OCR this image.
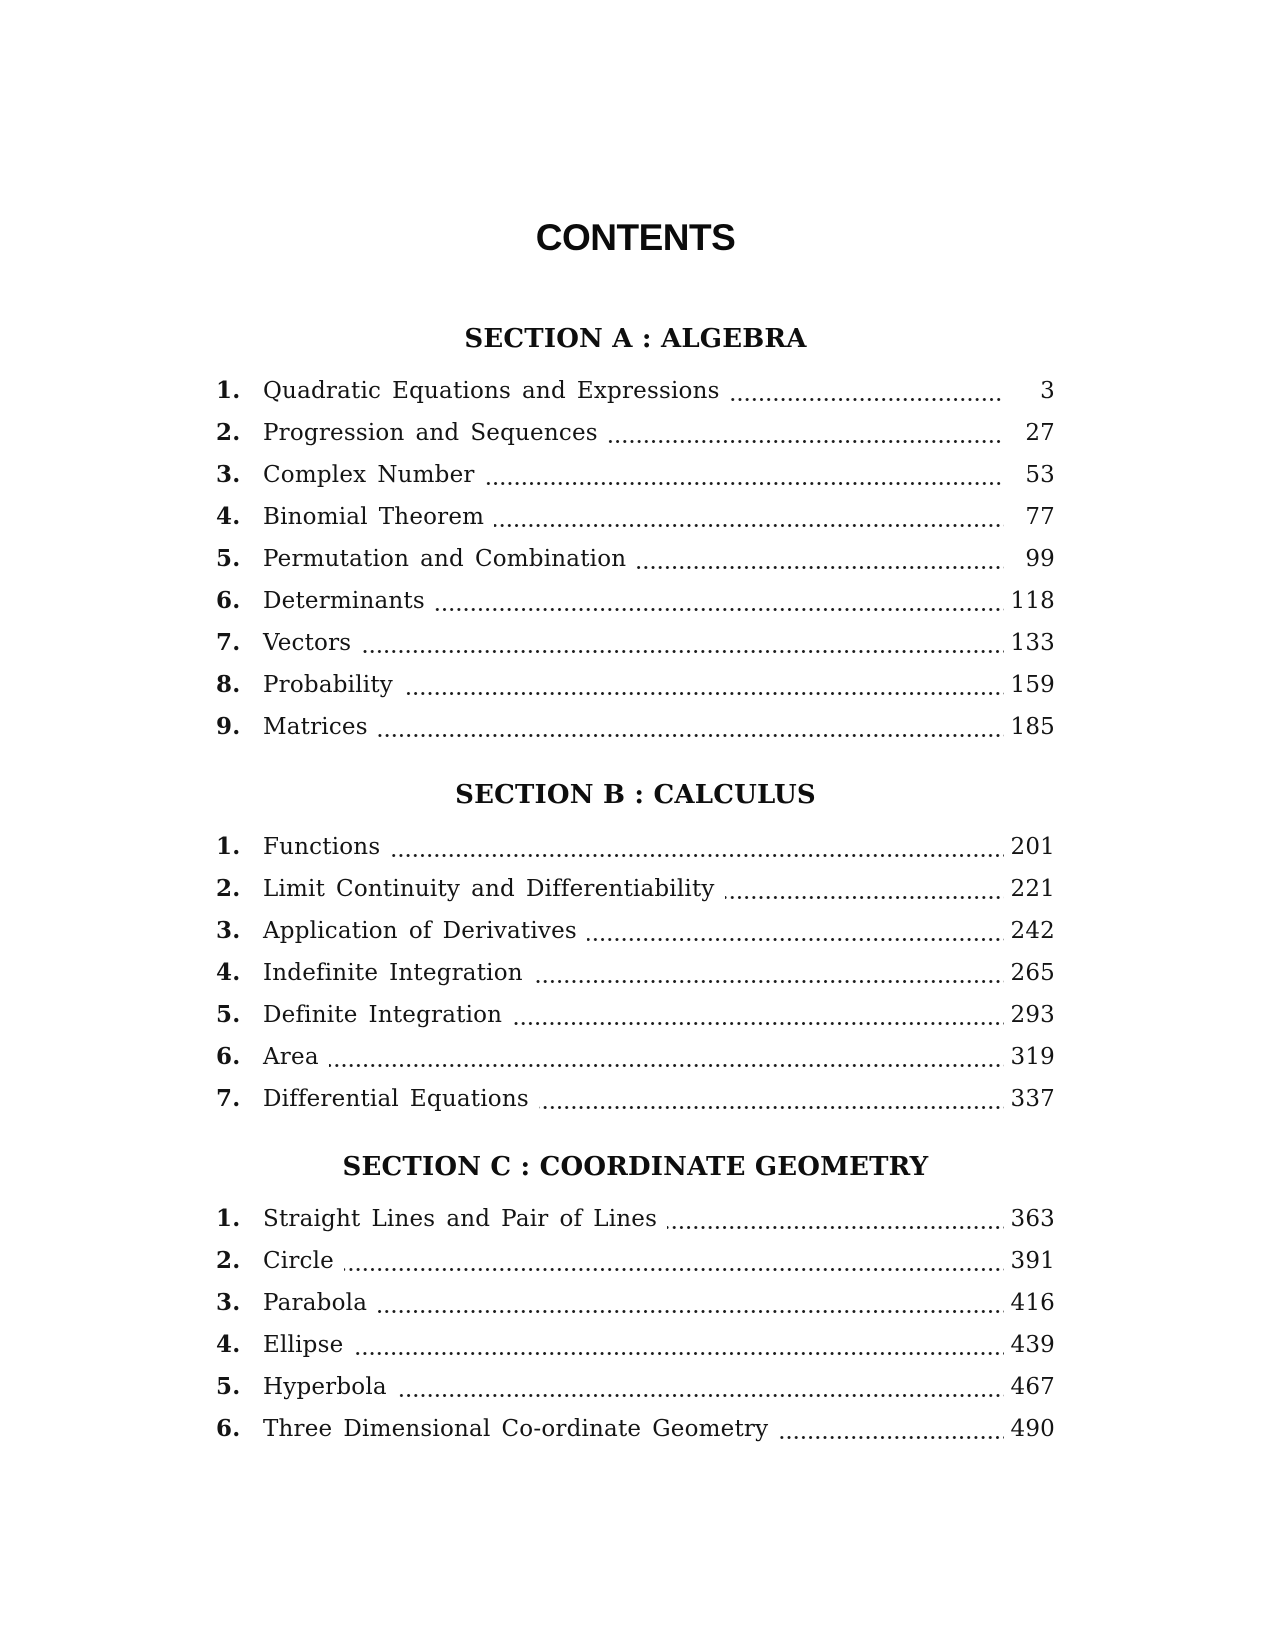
CONTENTS
SECTION A : ALGEBRA
1. Quadratic Equations and Expressions	3
2. Progression and Sequences	27
3. Complex Number	53
4. Binomial Theorem	77
5. Permutation and Combination	99
6. Determinants	118
7. Vectors	133
8. Probability	159
9. Matrices	185
SECTION B : CALCULUS
1. Functions	201
2. Limit Continuity and Differentiability	221
3. Application of Derivatives	242
4. Indefinite Integration	265
5. Definite Integration	293
6. Area	319
7. Differential Equations	337
SECTION C : COORDINATE GEOMETRY
1. Straight Lines and Pair of Lines	363
2. Circle	391
3. Parabola	416
4. Ellipse	439
5. Hyperbola	467
6. Three Dimensional Co-ordinate Geometry	490
